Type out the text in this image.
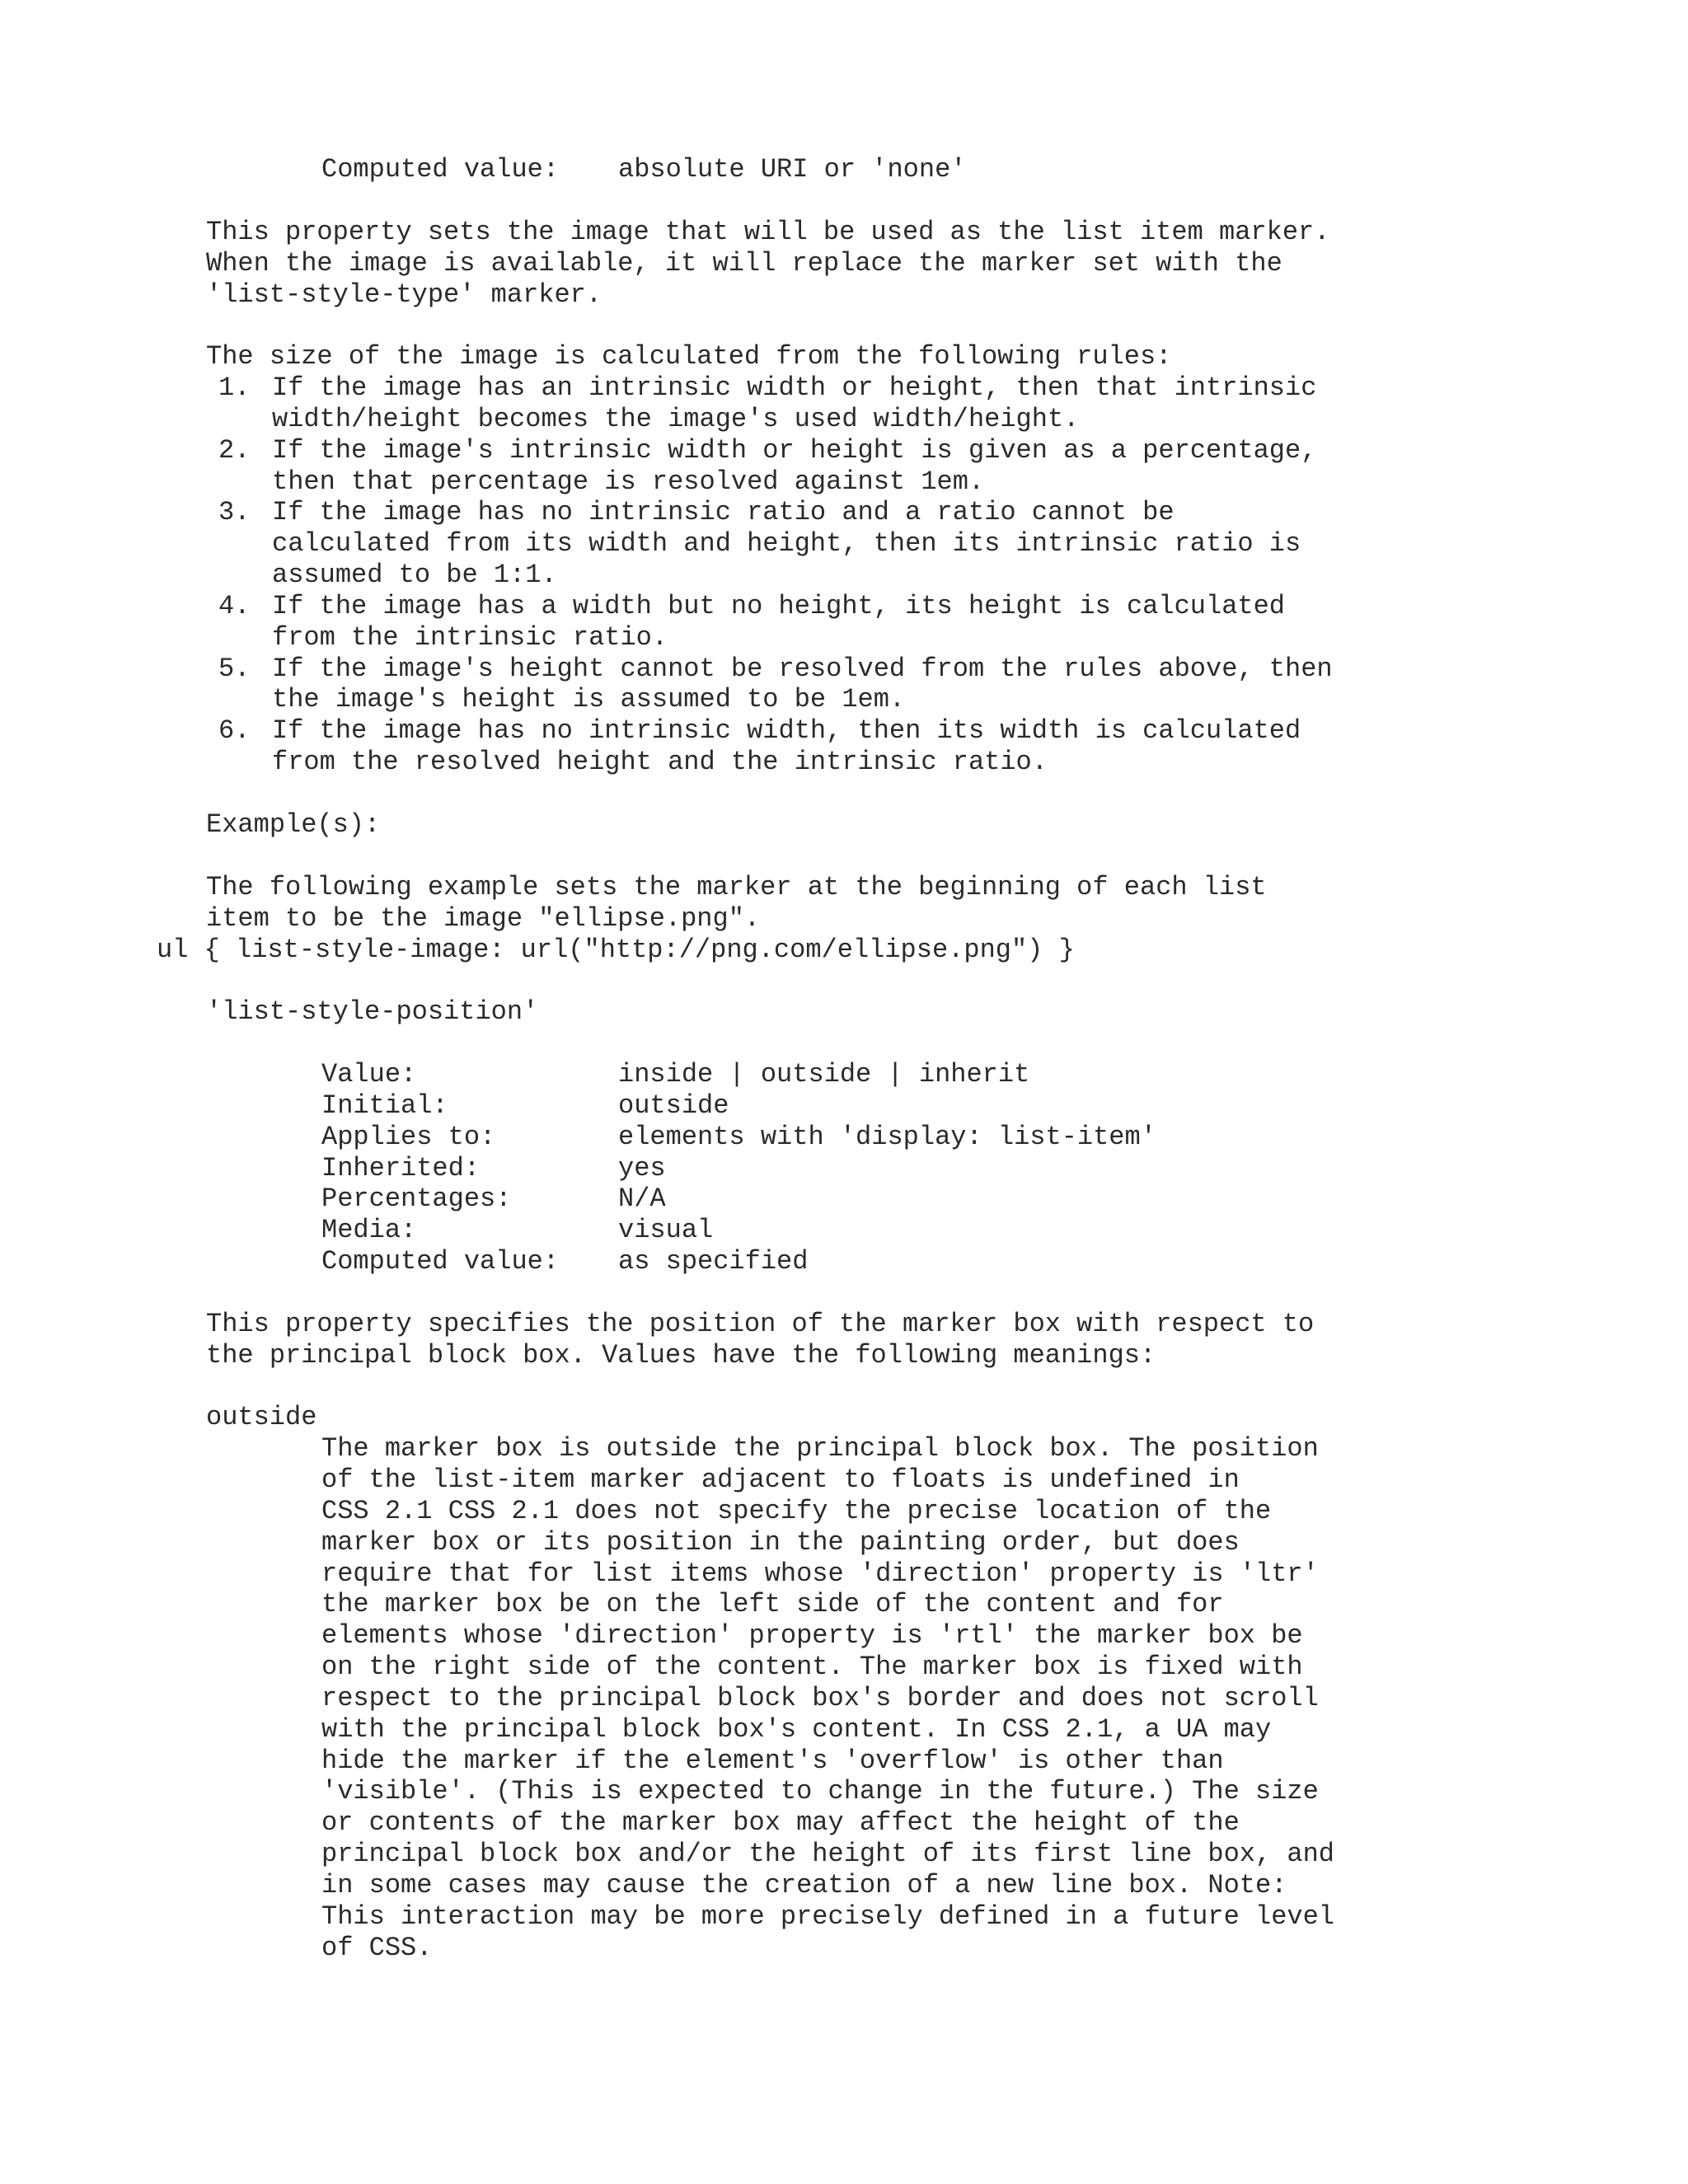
Computed value: absolute URI or 'none'
This property sets the image that will be used as the list item marker.
When the image is available, it will replace the marker set with the
'list-style-type' marker.
The size of the image is calculated from the following rules:
1. If the image has an intrinsic width or height, then that intrinsic
width/height becomes the image's used width/height.
2. If the image's intrinsic width or height is given as a percentage,
then that percentage is resolved against 1em.
3. If the image has no intrinsic ratio and a ratio cannot be
calculated from its width and height, then its intrinsic ratio is
assumed to be 1:1.
4. If the image has a width but no height, its height is calculated
from the intrinsic ratio.
5. If the image's height cannot be resolved from the rules above, then
the image's height is assumed to be 1em.
6. If the image has no intrinsic width, then its width is calculated
from the resolved height and the intrinsic ratio.
Example(s):
The following example sets the marker at the beginning of each list
item to be the image "ellipse.png".
ul { list-style-image: url("http://png.com/ellipse.png") }
'list-style-position'
Value:	inside | outside | inherit
Initial:	outside
Applies to:	elements with 'display: list-item'
Inherited:	yes
Percentages:	N/A
Media:	visual
Computed value: as specified
This property specifies the position of the marker box with respect to
the principal block box. Values have the following meanings:
outside
The marker box is outside the principal block box. The position
of the list-item marker adjacent to floats is undefined in
CSS 2.1 CSS 2.1 does not specify the precise location of the
marker box or its position in the painting order, but does
require that for list items whose 'direction' property is 'ltr'
the marker box be on the left side of the content and for
elements whose 'direction' property is 'rtl' the marker box be
on the right side of the content. The marker box is fixed with
respect to the principal block box's border and does not scroll
with the principal block box's content. In CSS 2.1, a UA may
hide the marker if the element's 'overflow' is other than
'visible'. (This is expected to change in the future.) The size
or contents of the marker box may affect the height of the
principal block box and/or the height of its first line box, and
in some cases may cause the creation of a new line box. Note:
This interaction may be more precisely defined in a future level
of CSS.
